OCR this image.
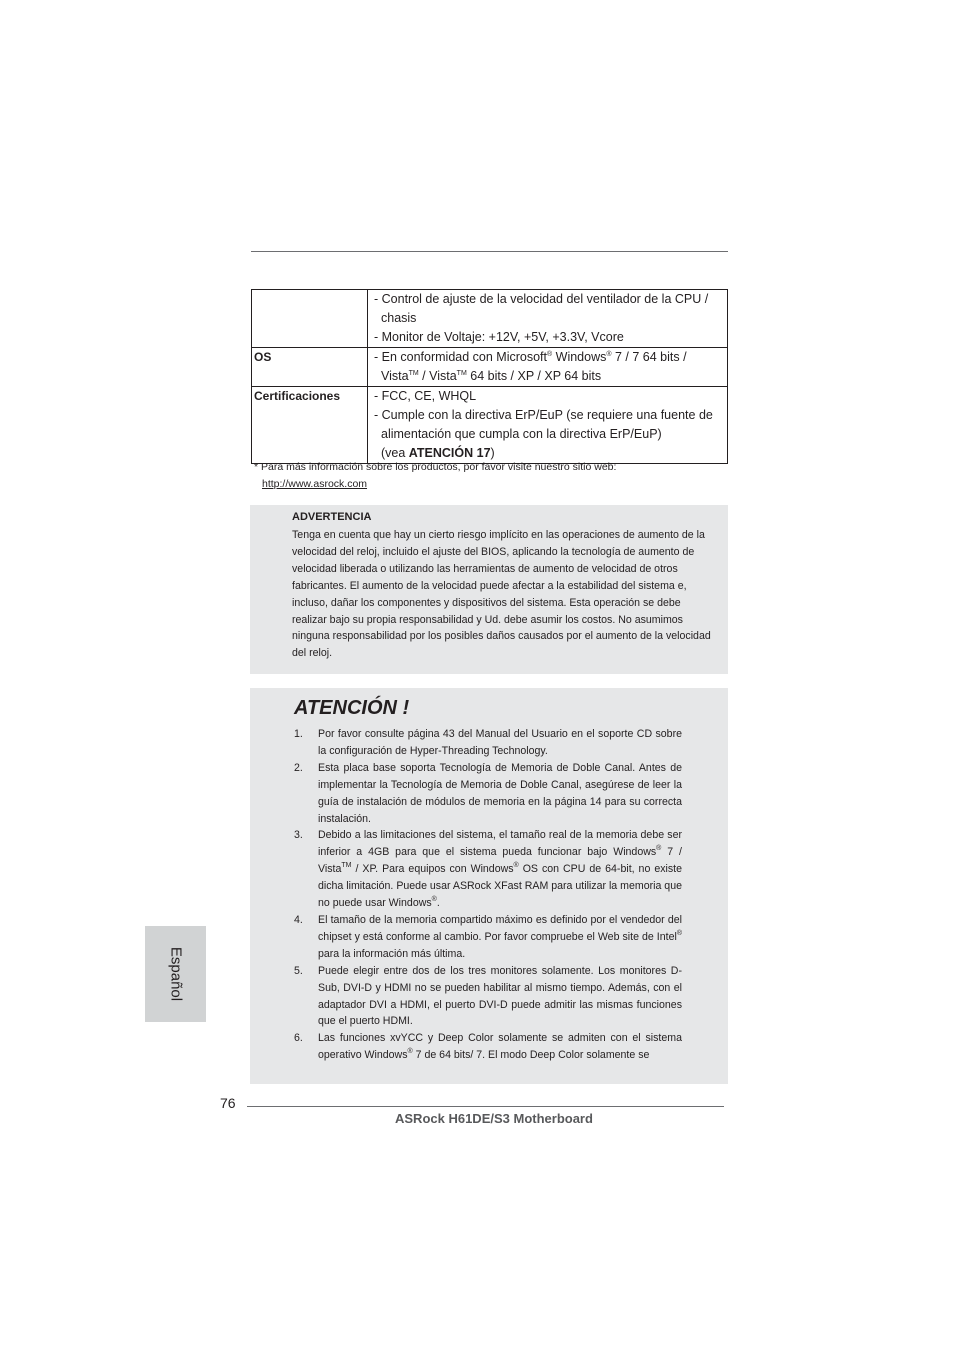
	- Control de ajuste de la velocidad del ventilador de la CPU /
chasis
- Monitor de Voltaje: +12V, +5V, +3.3V, Vcore

OS	- En conformidad con Microsoft® Windows® 7 / 7 64 bits /
Vista™ / Vista™ 64 bits / XP / XP 64 bits

Certificaciones	- FCC, CE, WHQL
- Cumple con la directiva ErP/EuP (se requiere una fuente de
alimentación que cumpla con la directiva ErP/EuP)
(vea ATENCIÓN 17)
* Para más información sobre los productos, por favor visite nuestro sitio web:
http://www.asrock.com
ADVERTENCIA
Tenga en cuenta que hay un cierto riesgo implícito en las operaciones de aumento de la velocidad del reloj, incluido el ajuste del BIOS, aplicando la tecnología de aumento de velocidad liberada o utilizando las herramientas de aumento de velocidad de otros fabricantes. El aumento de la velocidad puede afectar a la estabilidad del sistema e, incluso, dañar los componentes y dispositivos del sistema. Esta operación se debe realizar bajo su propia responsabilidad y Ud. debe asumir los costos. No asumimos ninguna responsabilidad por los posibles daños causados por el aumento de la velocidad del reloj.
ATENCIÓN !
1. Por favor consulte página 43 del Manual del Usuario en el soporte CD sobre la configuración de Hyper-Threading Technology.
2. Esta placa base soporta Tecnología de Memoria de Doble Canal. Antes de implementar la Tecnología de Memoria de Doble Canal, asegúrese de leer la guía de instalación de módulos de memoria en la página 14 para su correcta instalación.
3. Debido a las limitaciones del sistema, el tamaño real de la memoria debe ser inferior a 4GB para que el sistema pueda funcionar bajo Windows® 7 / Vista™ / XP. Para equipos con Windows® OS con CPU de 64-bit, no existe dicha limitación. Puede usar ASRock XFast RAM para utilizar la memoria que no puede usar Windows®.
4. El tamaño de la memoria compartido máximo es definido por el vendedor del chipset y está conforme al cambio. Por favor compruebe el Web site de Intel® para la información más última.
5. Puede elegir entre dos de los tres monitores solamente. Los monitores D-Sub, DVI-D y HDMI no se pueden habilitar al mismo tiempo. Además, con el adaptador DVI a HDMI, el puerto DVI-D puede admitir las mismas funciones que el puerto HDMI.
6. Las funciones xvYCC y Deep Color solamente se admiten con el sistema operativo Windows® 7 de 64 bits/ 7. El modo Deep Color solamente se
Español
76
ASRock H61DE/S3 Motherboard
